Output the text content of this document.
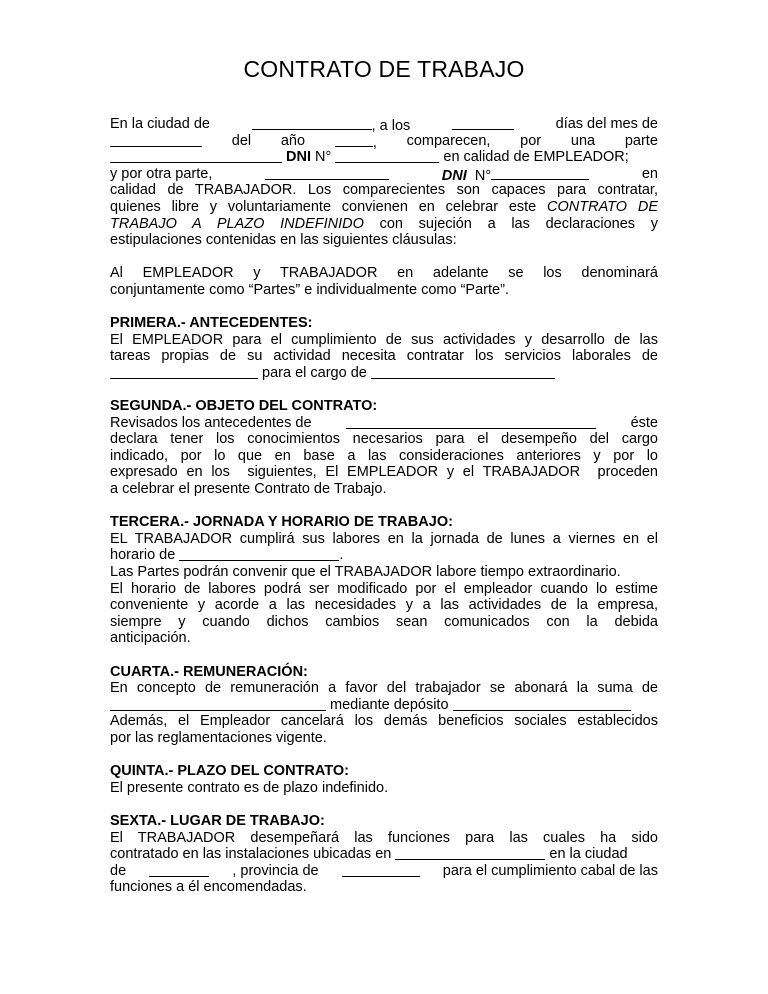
CONTRATO DE TRABAJO
En la ciudad de	, a los	días del mes de
del año	, comparecen, por una parte

DNI N°
	en calidad de EMPLEADOR;
y por otra parte,	DNI N°	en

calidad de TRABAJADOR. Los comparecientes son capaces para contratar,

quienes libre y voluntariamente convienen en celebrar este CONTRATO DE

TRABAJO A PLAZO INDEFINIDO con sujeción a las declaraciones y

estipulaciones contenidas en las siguientes cláusulas:

Al EMPLEADOR y TRABAJADOR en adelante se los denominará

conjuntamente como “Partes” e individualmente como “Parte”.

PRIMERA.- ANTECEDENTES:

El EMPLEADOR para el cumplimiento de sus actividades y desarrollo de las

tareas propias de su actividad necesita contratar los servicios laborales de

para el cargo de

SEGUNDA.- OBJETO DEL CONTRATO:

Revisados los antecedentes de	éste

declara tener los conocimientos necesarios para el desempeño del cargo

indicado, por lo que en base a las consideraciones anteriores y por lo

expresado en los  siguientes, El EMPLEADOR y el TRABAJADOR  proceden

a celebrar el presente Contrato de Trabajo.

TERCERA.- JORNADA Y HORARIO DE TRABAJO:

EL TRABAJADOR cumplirá sus labores en la jornada de lunes a viernes en el

horario de	.

Las Partes podrán convenir que el TRABAJADOR labore tiempo extraordinario.

El horario de labores podrá ser modificado por el empleador cuando lo estime

conveniente y acorde a las necesidades y a las actividades de la empresa,

siempre y cuando dichos cambios sean comunicados con la debida

anticipación.

CUARTA.- REMUNERACIÓN:

En concepto de remuneración a favor del trabajador se abonará la suma de

mediante depósito

Además, el Empleador cancelará los demás beneficios sociales establecidos

por las reglamentaciones vigente.

QUINTA.- PLAZO DEL CONTRATO:

El presente contrato es de plazo indefinido.

SEXTA.- LUGAR DE TRABAJO:

El TRABAJADOR desempeñará las funciones para las cuales ha sido

contratado en las instalaciones ubicadas en	en la ciudad
de	, provincia de	para el cumplimiento cabal de las

funciones a él encomendadas.
